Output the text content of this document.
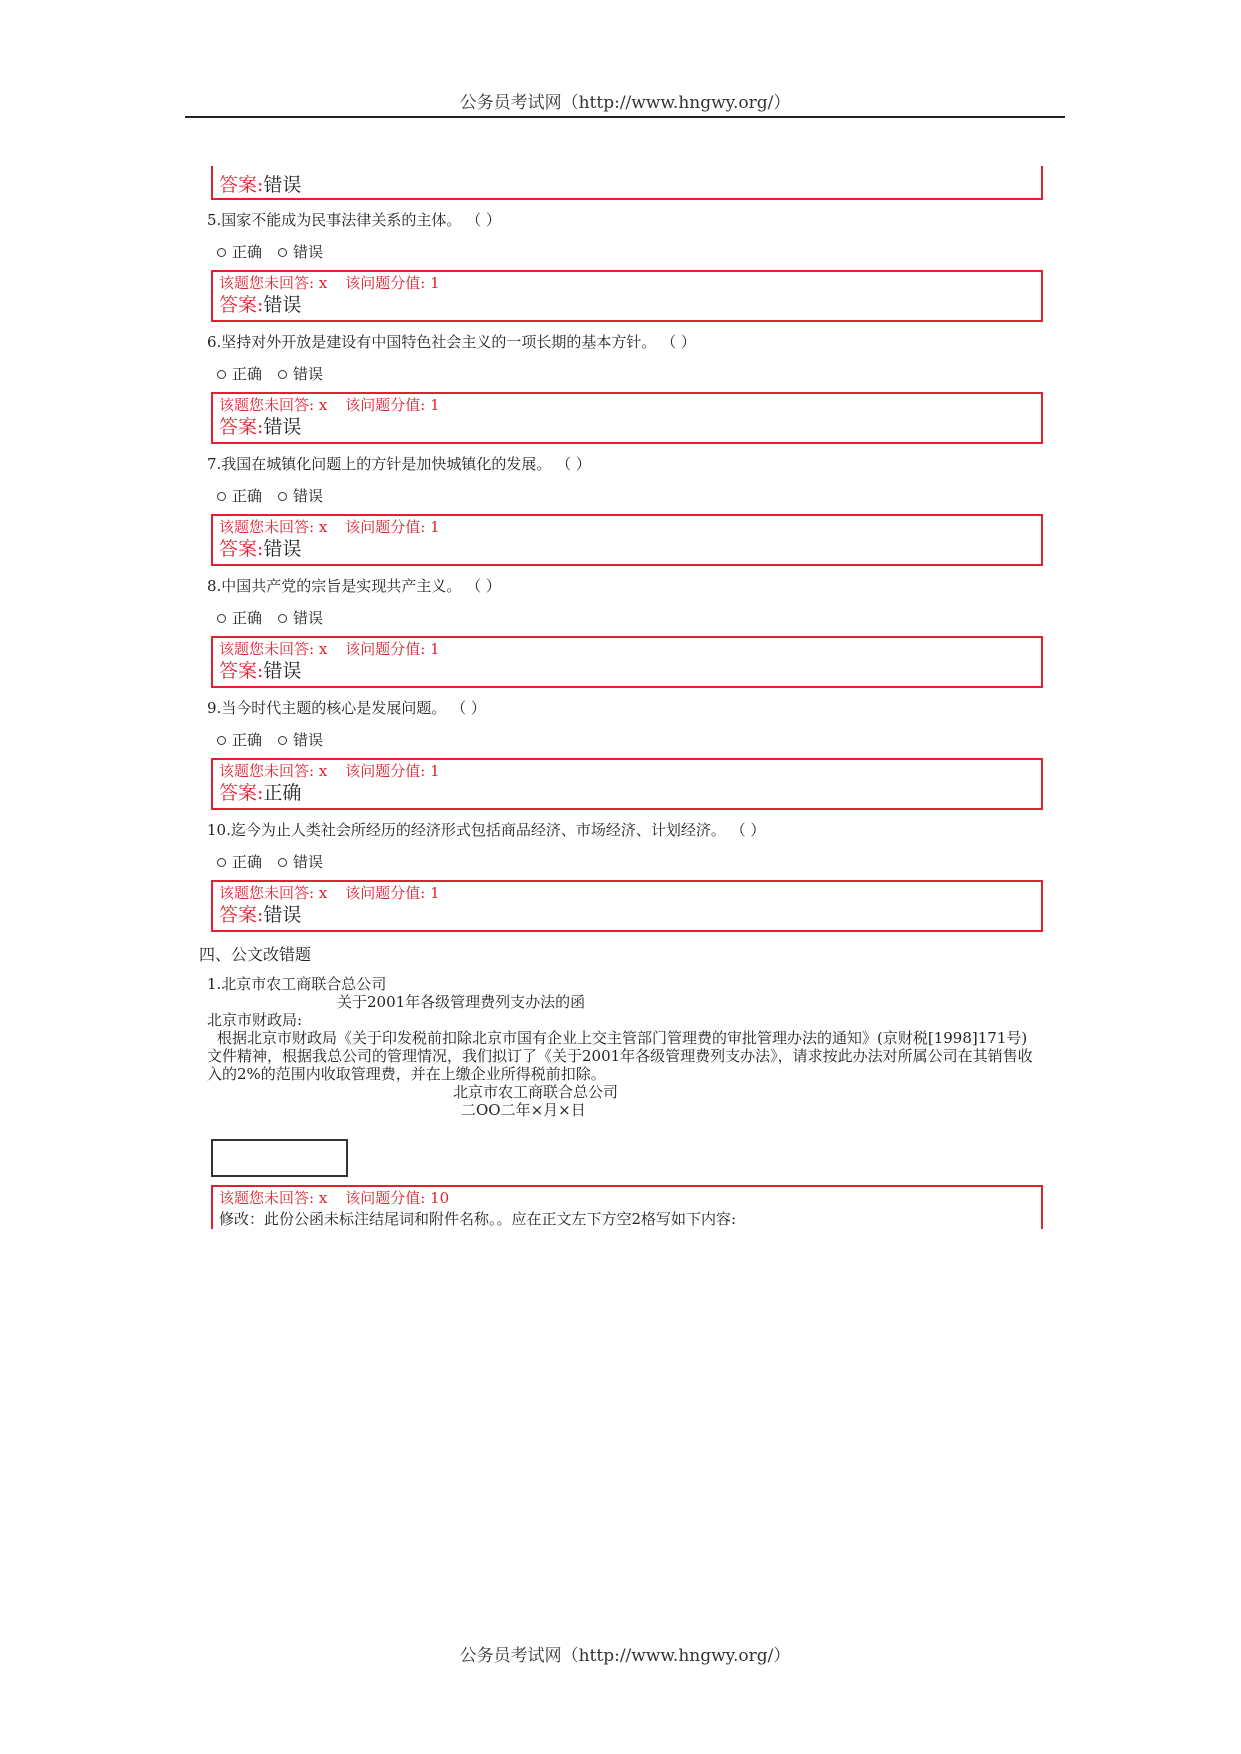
公务员考试网（http://www.hngwy.org/）
答案:错误
5.国家不能成为民事法律关系的主体。 （ ）
正确 错误
该题您未回答: x 该问题分值: 1
答案:错误
6.坚持对外开放是建设有中国特色社会主义的一项长期的基本方针。 （ ）
正确 错误
该题您未回答: x 该问题分值: 1
答案:错误
7.我国在城镇化问题上的方针是加快城镇化的发展。 （ ）
正确 错误
该题您未回答: x 该问题分值: 1
答案:错误
8.中国共产党的宗旨是实现共产主义。 （ ）
正确 错误
该题您未回答: x 该问题分值: 1
答案:错误
9.当今时代主题的核心是发展问题。 （ ）
正确 错误
该题您未回答: x 该问题分值: 1
答案:正确
10.迄今为止人类社会所经历的经济形式包括商品经济、市场经济、计划经济。 （ ）
正确 错误
该题您未回答: x 该问题分值: 1
答案:错误
四、公文改错题
1.北京市农工商联合总公司
关于2001年各级管理费列支办法的函
北京市财政局:
根据北京市财政局《关于印发税前扣除北京市国有企业上交主管部门管理费的审批管理办法的通知》(京财税[1998]171号)文件精神，根据我总公司的管理情况，我们拟订了《关于2001年各级管理费列支办法》，请求按此办法对所属公司在其销售收入的2%的范围内收取管理费，并在上缴企业所得税前扣除。
北京市农工商联合总公司
二OO二年×月×日
该题您未回答: x 该问题分值: 10
修改：此份公函未标注结尾词和附件名称。。应在正文左下方空2格写如下内容:
公务员考试网（http://www.hngwy.org/）
